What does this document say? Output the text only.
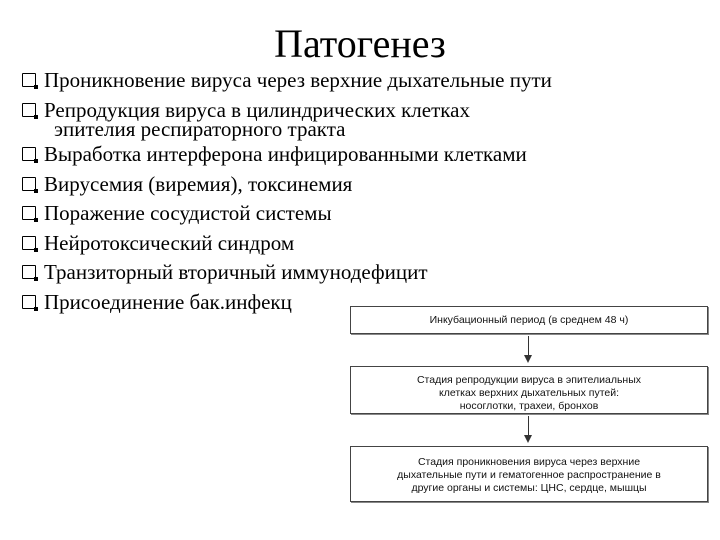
Патогенез
Проникновение вируса через верхние дыхательные пути
Репродукция вируса в цилиндрических клетках
эпителия респираторного тракта
Выработка интерферона инфицированными клетками
Вирусемия (виремия), токсинемия
Поражение сосудистой системы
Нейротоксический синдром
Транзиторный вторичный иммунодефицит
Присоединение бак.инфекц
Инкубационный период (в среднем 48 ч)
Стадия репродукции вируса в эпителиальных
клетках верхних дыхательных путей:
носоглотки, трахеи, бронхов
Стадия проникновения вируса через верхние
дыхательные пути и гематогенное распространение в
другие органы и системы: ЦНС, сердце, мышцы
